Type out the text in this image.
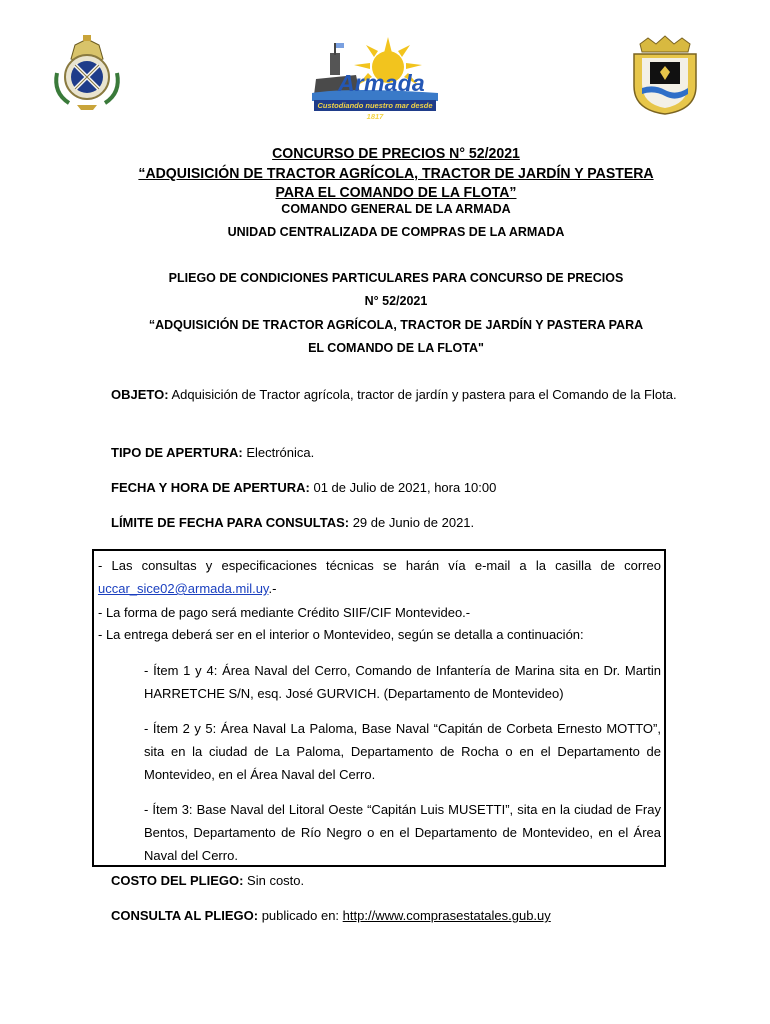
Armada
Custodiando nuestro mar desde 1817
CONCURSO DE PRECIOS N° 52/2021
“ADQUISICIÓN DE TRACTOR AGRÍCOLA, TRACTOR DE JARDÍN Y PASTERA
PARA EL COMANDO DE LA FLOTA”
COMANDO GENERAL DE LA ARMADA
UNIDAD CENTRALIZADA DE COMPRAS DE LA ARMADA
PLIEGO DE CONDICIONES PARTICULARES PARA CONCURSO DE PRECIOS
N° 52/2021
“ADQUISICIÓN DE TRACTOR AGRÍCOLA, TRACTOR DE JARDÍN Y PASTERA PARA
EL COMANDO DE LA FLOTA"
OBJETO: Adquisición de Tractor agrícola, tractor de jardín y pastera para el Comando de la Flota.
TIPO DE APERTURA: Electrónica.
FECHA Y HORA DE APERTURA: 01 de Julio de 2021, hora 10:00
LÍMITE DE FECHA PARA CONSULTAS: 29 de Junio de 2021.
- Las consultas y especificaciones técnicas se harán vía e-mail a la casilla de correo
uccar_sice02@armada.mil.uy.-
- La forma de pago será mediante Crédito SIIF/CIF Montevideo.-
- La entrega deberá ser en el interior o Montevideo, según se detalla a continuación:
- Ítem 1 y 4: Área Naval del Cerro, Comando de Infantería de Marina sita en Dr. Martin HARRETCHE S/N, esq. José GURVICH. (Departamento de Montevideo)
- Ítem 2 y 5: Área Naval La Paloma, Base Naval “Capitán de Corbeta Ernesto MOTTO”, sita en la ciudad de La Paloma, Departamento de Rocha o en el Departamento de Montevideo, en el Área Naval del Cerro.
- Ítem 3: Base Naval del Litoral Oeste “Capitán Luis MUSETTI”, sita en la ciudad de Fray Bentos, Departamento de Río Negro o en el Departamento de Montevideo, en el Área Naval del Cerro.
COSTO DEL PLIEGO: Sin costo.
CONSULTA AL PLIEGO: publicado en: http://www.comprasestatales.gub.uy
